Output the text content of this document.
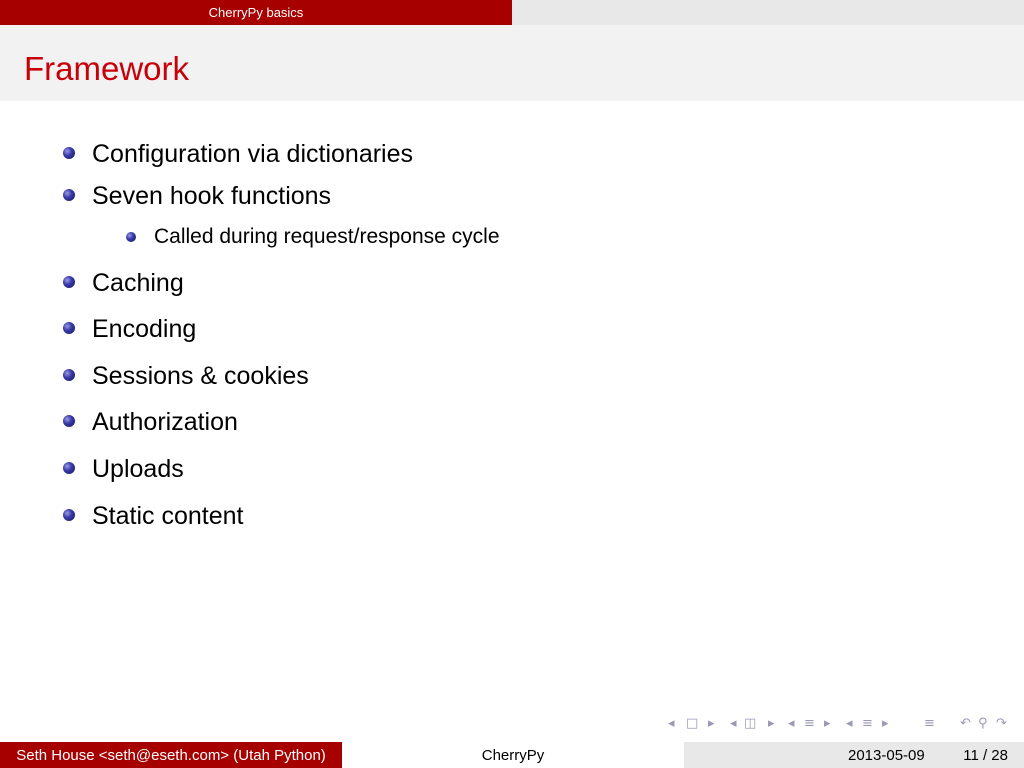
CherryPy basics
Framework
Configuration via dictionaries
Seven hook functions
Called during request/response cycle
Caching
Encoding
Sessions & cookies
Authorization
Uploads
Static content
◂ □ ▸ ◂ ◫ ▸ ◂ ≡ ▸ ◂ ≡ ▸	≡ ↶ ⚲ ↷
Seth House <seth@eseth.com> (Utah Python)	CherryPy	2013-05-09	11 / 28
